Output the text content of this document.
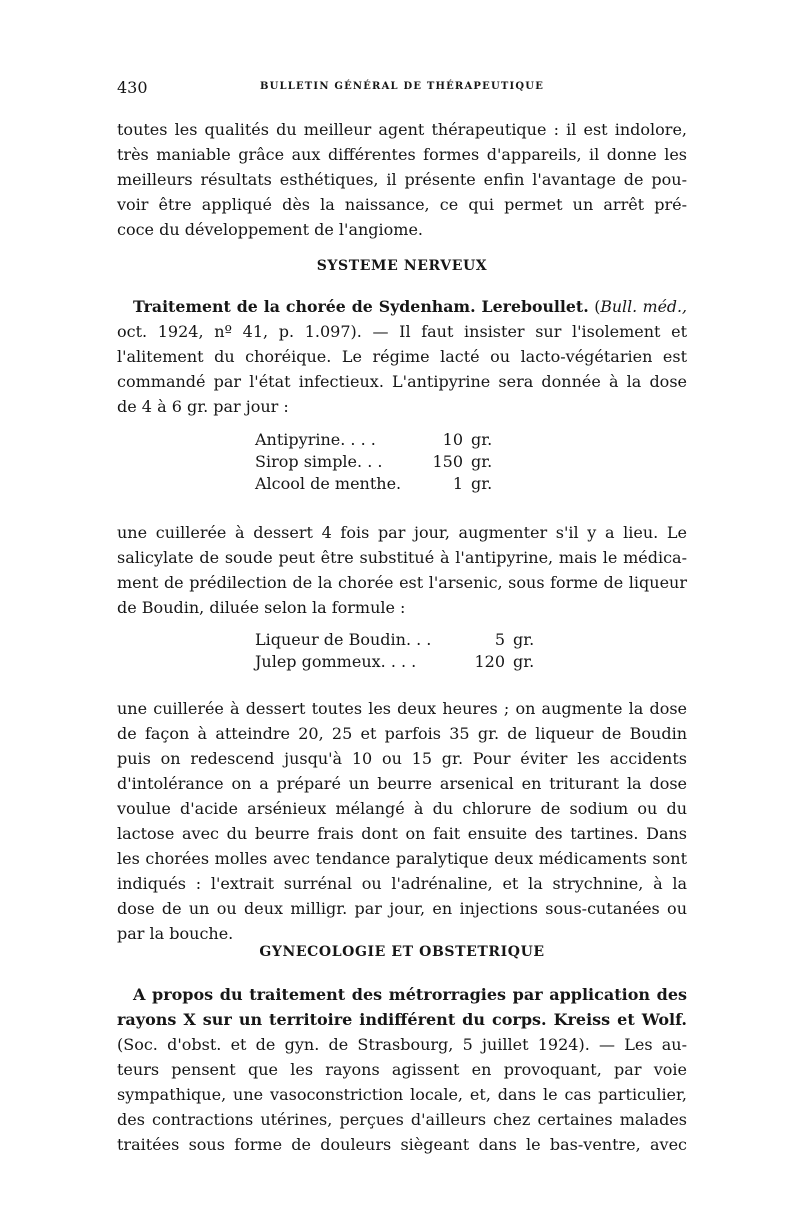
430	BULLETIN GÉNÉRAL DE THÉRAPEUTIQUE

toutes les qualités du meilleur agent thérapeutique : il est indolore,

très maniable grâce aux différentes formes d'appareils, il donne les

meilleurs résultats esthétiques, il présente enfin l'avantage de pou-

voir être appliqué dès la naissance, ce qui permet un arrêt pré-

coce du développement de l'angiome.

SYSTEME NERVEUX

Traitement de la chorée de Sydenham. Lereboullet. (Bull. méd.,

oct. 1924, nº 41, p. 1.097). — Il faut insister sur l'isolement et

l'alitement du choréique. Le régime lacté ou lacto-végétarien est

commandé par l'état infectieux. L'antipyrine sera donnée à la dose

de 4 à 6 gr. par jour :

Antipyrine. . . .	10	gr.
Sirop simple. . .	150	gr.
Alcool de menthe.	1	gr.

une cuillerée à dessert 4 fois par jour, augmenter s'il y a lieu. Le

salicylate de soude peut être substitué à l'antipyrine, mais le médica-

ment de prédilection de la chorée est l'arsenic, sous forme de liqueur

de Boudin, diluée selon la formule :

Liqueur de Boudin. . .	5	gr.
Julep gommeux. . . .	120	gr.

une cuillerée à dessert toutes les deux heures ; on augmente la dose

de façon à atteindre 20, 25 et parfois 35 gr. de liqueur de Boudin

puis on redescend jusqu'à 10 ou 15 gr. Pour éviter les accidents

d'intolérance on a préparé un beurre arsenical en triturant la dose

voulue d'acide arsénieux mélangé à du chlorure de sodium ou du

lactose avec du beurre frais dont on fait ensuite des tartines. Dans

les chorées molles avec tendance paralytique deux médicaments sont

indiqués : l'extrait surrénal ou l'adrénaline, et la strychnine, à la

dose de un ou deux milligr. par jour, en injections sous-cutanées ou

par la bouche.

GYNECOLOGIE ET OBSTETRIQUE

A propos du traitement des métrorragies par application des

rayons X sur un territoire indifférent du corps. Kreiss et Wolf.

(Soc. d'obst. et de gyn. de Strasbourg, 5 juillet 1924). — Les au-

teurs pensent que les rayons agissent en provoquant, par voie

sympathique, une vasoconstriction locale, et, dans le cas particulier,

des contractions utérines, perçues d'ailleurs chez certaines malades

traitées sous forme de douleurs siègeant dans le bas-ventre, avec
